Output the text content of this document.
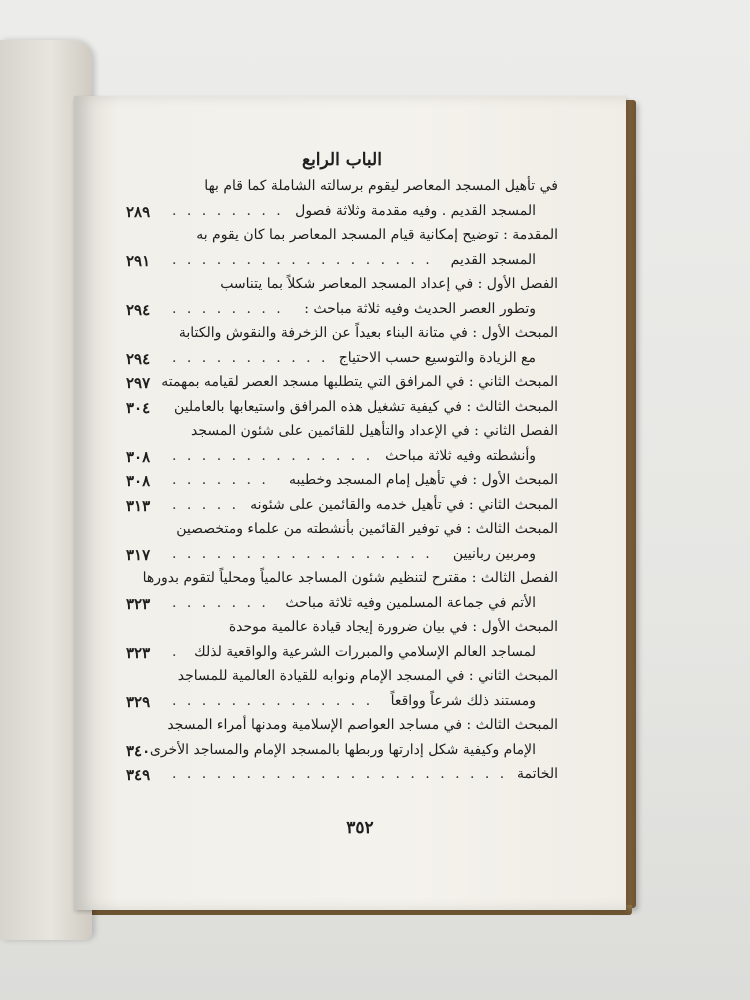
الباب الرابع
في تأهيل المسجد المعاصر ليقوم برسالته الشاملة كما قام بها
المسجد القديم . وفيه مقدمة وثلاثة فصول
. . . . . . . .
٢٨٩
المقدمة : توضيح إمكانية قيام المسجد المعاصر بما كان يقوم به
المسجد القديم
. . . . . . . . . . . . . . . . . .
٢٩١
الفصل الأول : في إعداد المسجد المعاصر شكلاً بما يتناسب
وتطور العصر الحديث وفيه ثلاثة مباحث :
. . . . . . . .
٢٩٤
المبحث الأول : في متانة البناء بعيداً عن الزخرفة والنقوش والكتابة
مع الزيادة والتوسيع حسب الاحتياج
. . . . . . . . . . .
٢٩٤
المبحث الثاني : في المرافق التي يتطلبها مسجد العصر لقيامه بمهمته
٢٩٧
المبحث الثالث : في كيفية تشغيل هذه المرافق واستيعابها بالعاملين
٣٠٤
الفصل الثاني : في الإعداد والتأهيل للقائمين على شئون المسجد
وأنشطته وفيه ثلاثة مباحث
. . . . . . . . . . . . . .
٣٠٨
المبحث الأول : في تأهيل إمام المسجد وخطيبه
. . . . . . .
٣٠٨
المبحث الثاني : في تأهيل خدمه والقائمين على شئونه
. . . . .
٣١٣
المبحث الثالث : في توفير القائمين بأنشطته من علماء ومتخصصين
ومربين ربانيين
. . . . . . . . . . . . . . . . . .
٣١٧
الفصل الثالث : مقترح لتنظيم شئون المساجد عالمياً ومحلياً لتقوم بدورها
الأتم في جماعة المسلمين وفيه ثلاثة مباحث
. . . . . . .
٣٢٣
المبحث الأول : في بيان ضرورة إيجاد قيادة عالمية موحدة
لمساجد العالم الإسلامي والمبررات الشرعية والواقعية لذلك
.
٣٢٣
المبحث الثاني : في المسجد الإمام ونوابه للقيادة العالمية للمساجد
ومستند ذلك شرعاً وواقعاً
. . . . . . . . . . . . . .
٣٢٩
المبحث الثالث : في مساجد العواصم الإسلامية ومدنها أمراء المسجد
الإمام وكيفية شكل إدارتها وربطها بالمسجد الإمام والمساجد الأخرى
٣٤٠
الخاتمة
. . . . . . . . . . . . . . . . . . . . . . .
٣٤٩
٣٥٢
